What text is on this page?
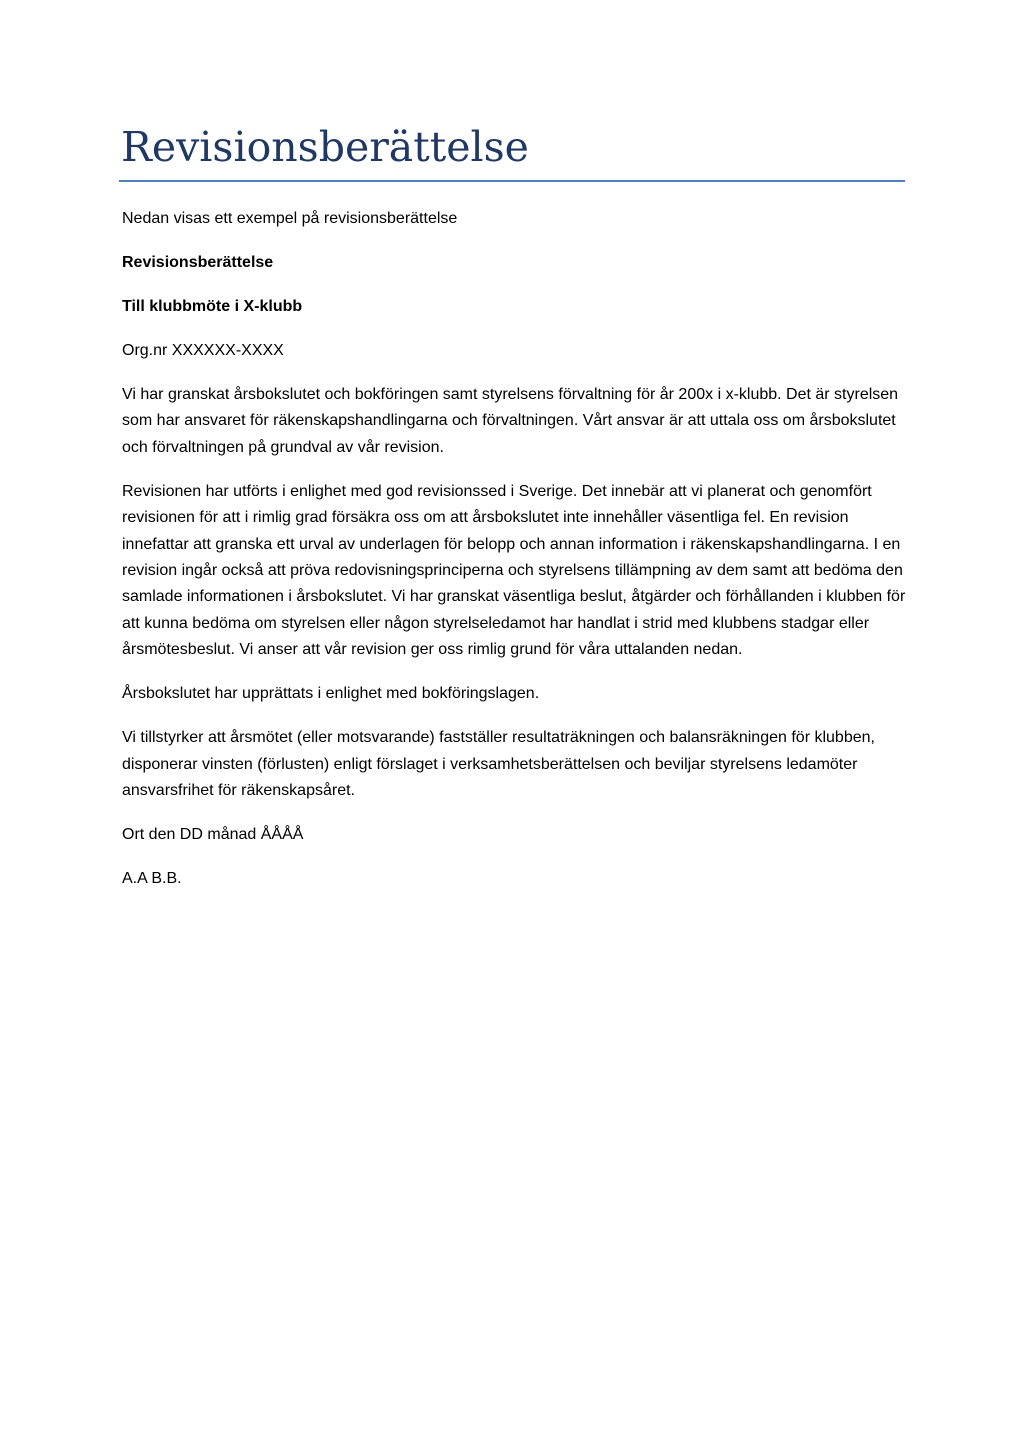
Revisionsberättelse

Nedan visas ett exempel på revisionsberättelse

Revisionsberättelse

Till klubbmöte i X-klubb

Org.nr XXXXXX-XXXX

Vi har granskat årsbokslutet och bokföringen samt styrelsens förvaltning för år 200x i x-klubb. Det är styrelsen som har ansvaret för räkenskapshandlingarna och förvaltningen. Vårt ansvar är att uttala oss om årsbokslutet och förvaltningen på grundval av vår revision.

Revisionen har utförts i enlighet med god revisionssed i Sverige. Det innebär att vi planerat och genomfört revisionen för att i rimlig grad försäkra oss om att årsbokslutet inte innehåller väsentliga fel. En revision innefattar att granska ett urval av underlagen för belopp och annan information i räkenskapshandlingarna. I en revision ingår också att pröva redovisningsprinciperna och styrelsens tillämpning av dem samt att bedöma den samlade informationen i årsbokslutet. Vi har granskat väsentliga beslut, åtgärder och förhållanden i klubben för att kunna bedöma om styrelsen eller någon styrelseledamot har handlat i strid med klubbens stadgar eller årsmötesbeslut. Vi anser att vår revision ger oss rimlig grund för våra uttalanden nedan.

Årsbokslutet har upprättats i enlighet med bokföringslagen.

Vi tillstyrker att årsmötet (eller motsvarande) fastställer resultaträkningen och balansräkningen för klubben, disponerar vinsten (förlusten) enligt förslaget i verksamhetsberättelsen och beviljar styrelsens ledamöter ansvarsfrihet för räkenskapsåret.

Ort den DD månad ÅÅÅÅ

A.A B.B.
